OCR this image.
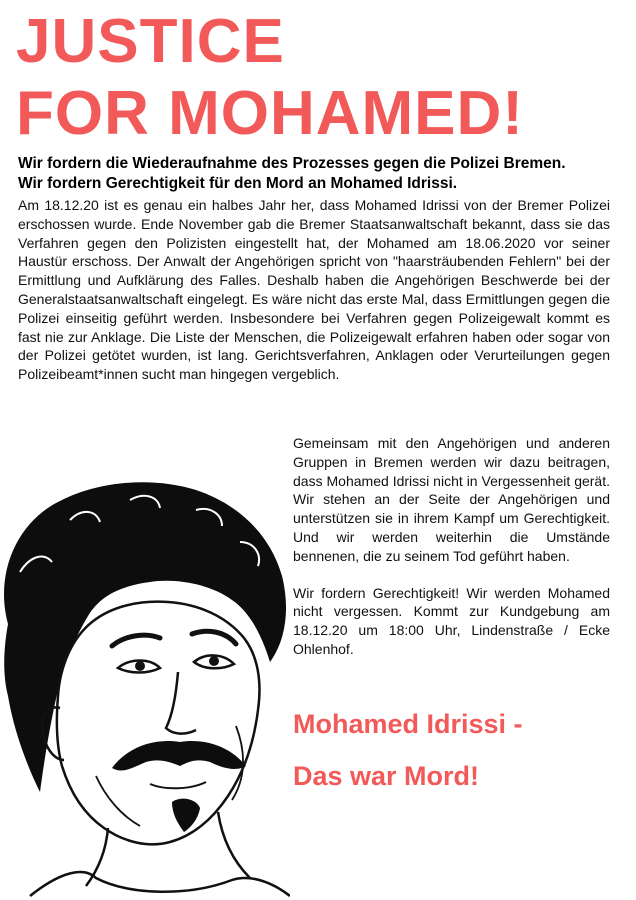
JUSTICE
FOR MOHAMED!
Wir fordern die Wiederaufnahme des Prozesses gegen die Polizei Bremen.
Wir fordern Gerechtigkeit für den Mord an Mohamed Idrissi.

Am 18.12.20 ist es genau ein halbes Jahr her, dass Mohamed Idrissi von der Bremer Polizei erschossen wurde. Ende November gab die Bremer Staatsanwaltschaft bekannt, dass sie das Verfahren gegen den Polizisten eingestellt hat, der Mohamed am 18.06.2020 vor seiner Haustür erschoss. Der Anwalt der Angehörigen spricht von "haarsträubenden Fehlern" bei der Ermittlung und Aufklärung des Falles. Deshalb haben die Angehörigen Beschwerde bei der Generalstaatsanwaltschaft eingelegt. Es wäre nicht das erste Mal, dass Ermittlungen gegen die Polizei einseitig geführt werden. Insbesondere bei Verfahren gegen Polizeigewalt kommt es fast nie zur Anklage. Die Liste der Menschen, die Polizeigewalt erfahren haben oder sogar von der Polizei getötet wurden, ist lang. Gerichtsverfahren, Anklagen oder Verurteilungen gegen Polizeibeamt*innen sucht man hingegen vergeblich.

Gemeinsam mit den Angehörigen und anderen Gruppen in Bremen werden wir dazu beitragen, dass Mohamed Idrissi nicht in Vergessenheit gerät. Wir stehen an der Seite der Angehörigen und unterstützen sie in ihrem Kampf um Gerechtigkeit. Und wir werden weiterhin die Umstände bennenen, die zu seinem Tod geführt haben.

Wir fordern Gerechtigkeit! Wir werden Mohamed nicht vergessen. Kommt zur Kundgebung am 18.12.20 um 18:00 Uhr, Lindenstraße / Ecke Ohlenhof.

Mohamed Idrissi -

Das war Mord!
